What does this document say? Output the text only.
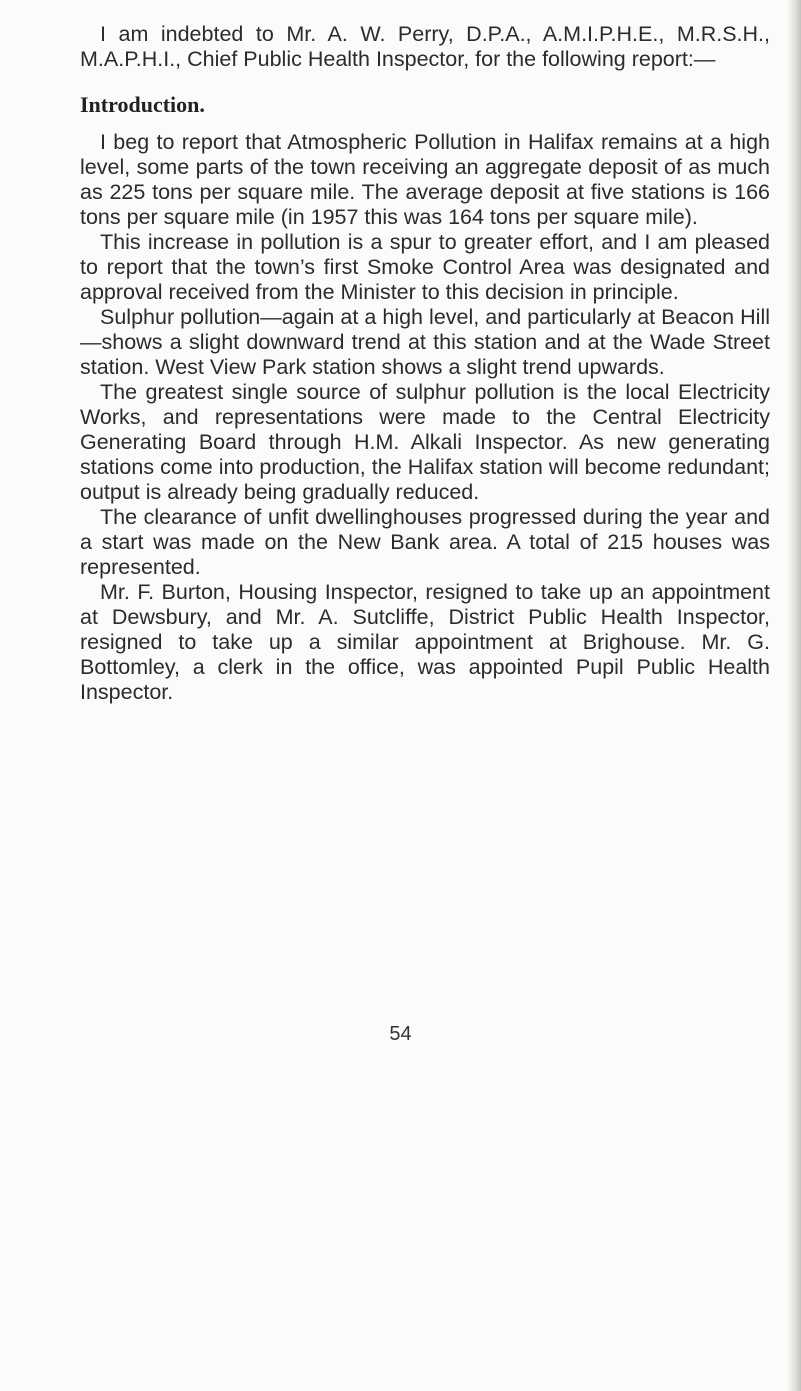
I am indebted to Mr. A. W. Perry, D.P.A., A.M.I.P.H.E., M.R.S.H., M.A.P.H.I., Chief Public Health Inspector, for the following report:—

Introduction.

I beg to report that Atmospheric Pollution in Halifax remains at a high level, some parts of the town receiving an aggregate deposit of as much as 225 tons per square mile. The average deposit at five stations is 166 tons per square mile (in 1957 this was 164 tons per square mile).

This increase in pollution is a spur to greater effort, and I am pleased to report that the town’s first Smoke Control Area was designated and approval received from the Minister to this decision in principle.

Sulphur pollution—again at a high level, and particularly at Beacon Hill—shows a slight downward trend at this station and at the Wade Street station. West View Park station shows a slight trend upwards.

The greatest single source of sulphur pollution is the local Electricity Works, and representations were made to the Central Electricity Generating Board through H.M. Alkali Inspector. As new generating stations come into production, the Halifax station will become redundant; output is already being gradually reduced.

The clearance of unfit dwellinghouses progressed during the year and a start was made on the New Bank area. A total of 215 houses was represented.

Mr. F. Burton, Housing Inspector, resigned to take up an appointment at Dewsbury, and Mr. A. Sutcliffe, District Public Health Inspector, resigned to take up a similar appointment at Brighouse. Mr. G. Bottomley, a clerk in the office, was appointed Pupil Public Health Inspector.

54
